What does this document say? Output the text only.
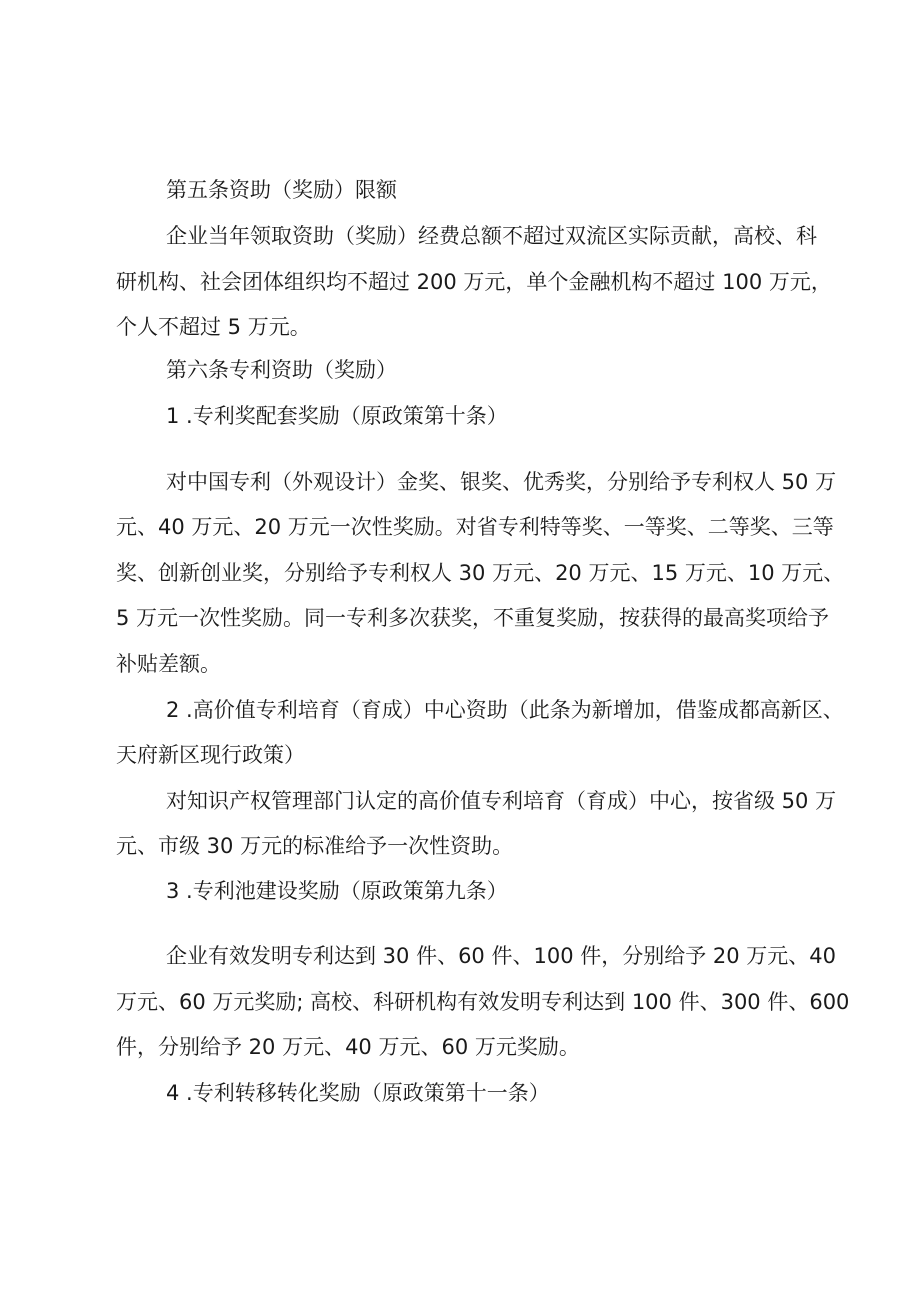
第五条资助（奖励）限额
企业当年领取资助（奖励）经费总额不超过双流区实际贡献，高校、科
研机构、社会团体组织均不超过 200 万元，单个金融机构不超过 100 万元，
个人不超过 5 万元。
第六条专利资助（奖励）
1 .专利奖配套奖励（原政策第十条）
对中国专利（外观设计）金奖、银奖、优秀奖，分别给予专利权人 50 万
元、40 万元、20 万元一次性奖励。对省专利特等奖、一等奖、二等奖、三等
奖、创新创业奖，分别给予专利权人 30 万元、20 万元、15 万元、10 万元、
5 万元一次性奖励。同一专利多次获奖，不重复奖励，按获得的最高奖项给予
补贴差额。
2 .高价值专利培育（育成）中心资助（此条为新增加，借鉴成都高新区、
天府新区现行政策）
对知识产权管理部门认定的高价值专利培育（育成）中心，按省级 50 万
元、市级 30 万元的标准给予一次性资助。
3 .专利池建设奖励（原政策第九条）
企业有效发明专利达到 30 件、60 件、100 件，分别给予 20 万元、40
万元、60 万元奖励; 高校、科研机构有效发明专利达到 100 件、300 件、600
件，分别给予 20 万元、40 万元、60 万元奖励。
4 .专利转移转化奖励（原政策第十一条）
